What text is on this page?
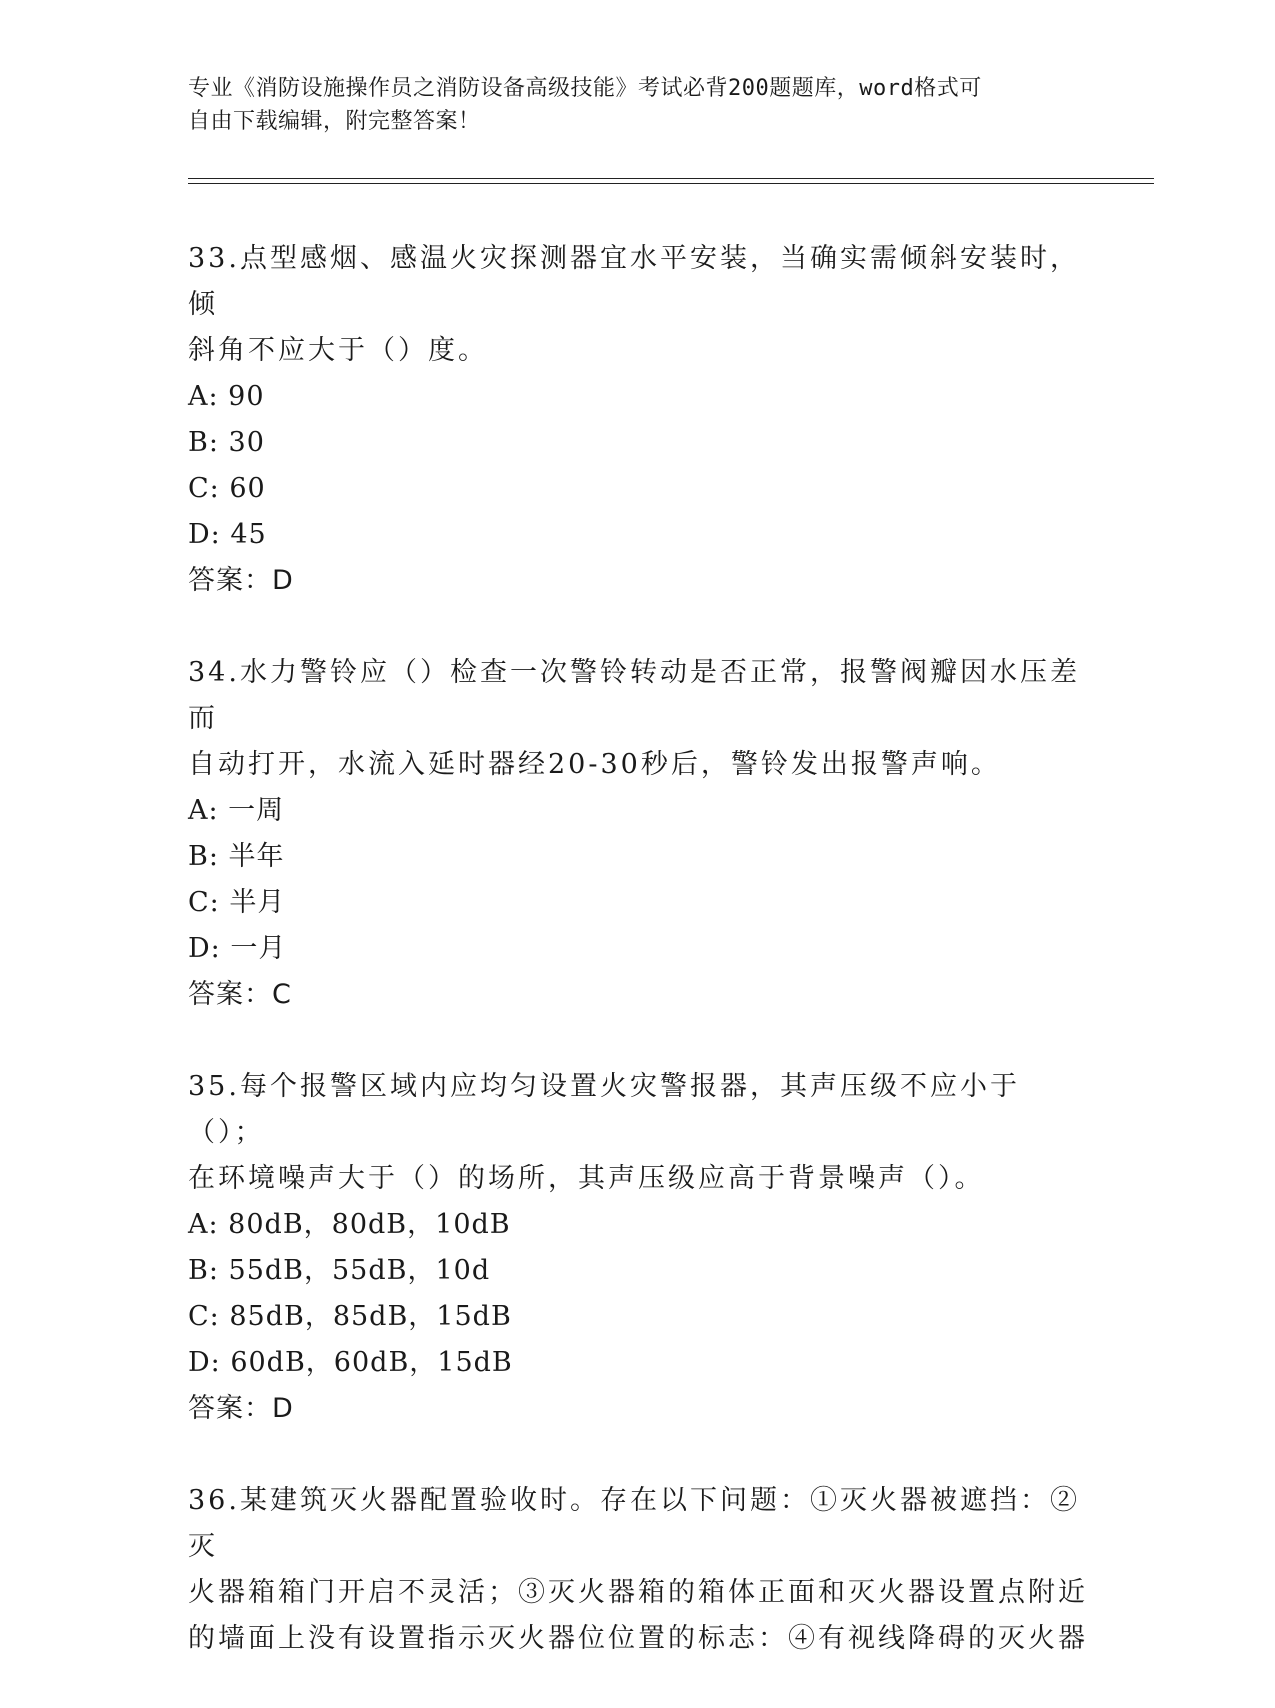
专业《消防设施操作员之消防设备高级技能》考试必背200题题库，word格式可
自由下载编辑，附完整答案！
33.点型感烟、感温火灾探测器宜水平安装，当确实需倾斜安装时，倾
斜角不应大于（）度。
A: 90
B: 30
C: 60
D: 45
答案：D
34.水力警铃应（）检查一次警铃转动是否正常，报警阀瓣因水压差而
自动打开，水流入延时器经20-30秒后，警铃发出报警声响。
A: 一周
B: 半年
C: 半月
D: 一月
答案：C
35.每个报警区域内应均匀设置火灾警报器，其声压级不应小于（）；
在环境噪声大于（）的场所，其声压级应高于背景噪声（）。
A: 80dB，80dB，10dB
B: 55dB，55dB，10d
C: 85dB，85dB，15dB
D: 60dB，60dB，15dB
答案：D
36.某建筑灭火器配置验收时。存在以下问题：①灭火器被遮挡：②灭
火器箱箱门开启不灵活；③灭火器箱的箱体正面和灭火器设置点附近
的墙面上没有设置指示灭火器位位置的标志：④有视线降碍的灭火器
